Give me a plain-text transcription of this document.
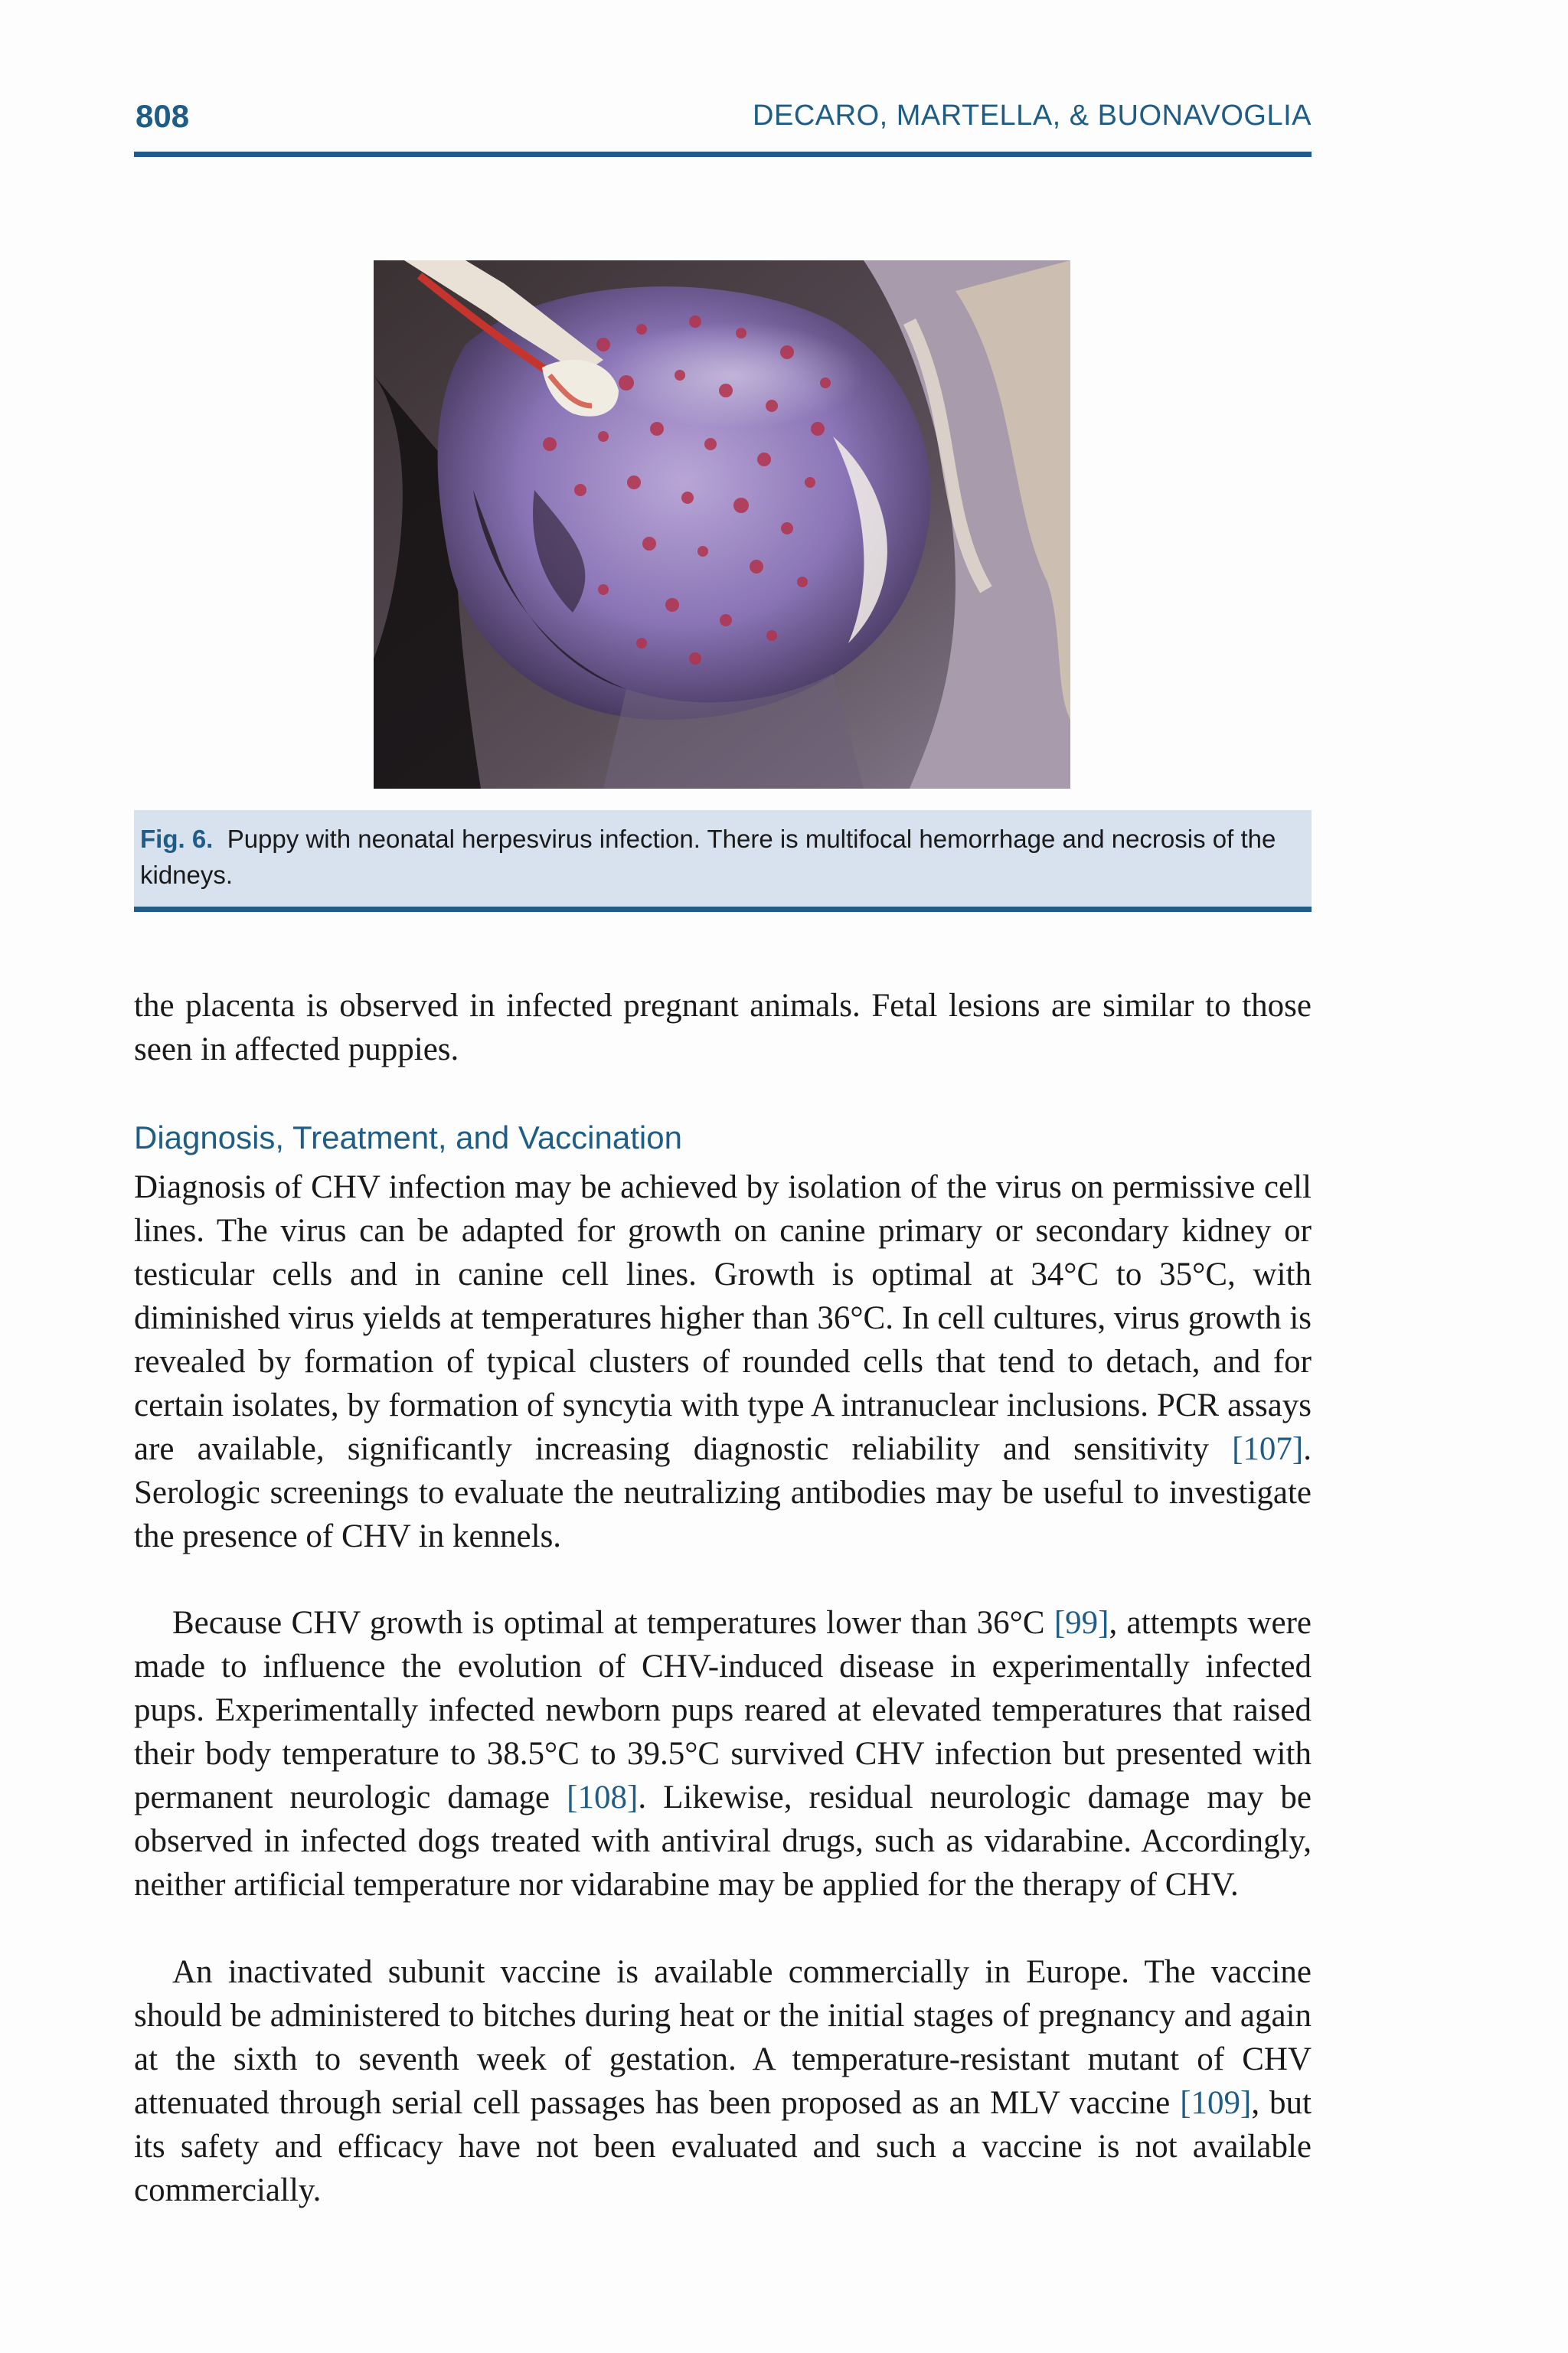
808	DECARO, MARTELLA, & BUONAVOGLIA
Fig. 6. Puppy with neonatal herpesvirus infection. There is multifocal hemorrhage and necrosis of the kidneys.

the placenta is observed in infected pregnant animals. Fetal lesions are similar to those seen in affected puppies.

Diagnosis, Treatment, and Vaccination

Diagnosis of CHV infection may be achieved by isolation of the virus on permissive cell lines. The virus can be adapted for growth on canine primary or secondary kidney or testicular cells and in canine cell lines. Growth is optimal at 34°C to 35°C, with diminished virus yields at temperatures higher than 36°C. In cell cultures, virus growth is revealed by formation of typical clusters of rounded cells that tend to detach, and for certain isolates, by formation of syncytia with type A intranuclear inclusions. PCR assays are available, significantly increasing diagnostic reliability and sensitivity [107]. Serologic screenings to evaluate the neutralizing antibodies may be useful to investigate the presence of CHV in kennels.

Because CHV growth is optimal at temperatures lower than 36°C [99], attempts were made to influence the evolution of CHV-induced disease in experimentally infected pups. Experimentally infected newborn pups reared at elevated temperatures that raised their body temperature to 38.5°C to 39.5°C survived CHV infection but presented with permanent neurologic damage [108]. Likewise, residual neurologic damage may be observed in infected dogs treated with antiviral drugs, such as vidarabine. Accordingly, neither artificial temperature nor vidarabine may be applied for the therapy of CHV.

An inactivated subunit vaccine is available commercially in Europe. The vaccine should be administered to bitches during heat or the initial stages of pregnancy and again at the sixth to seventh week of gestation. A temperature-resistant mutant of CHV attenuated through serial cell passages has been proposed as an MLV vaccine [109], but its safety and efficacy have not been evaluated and such a vaccine is not available commercially.
